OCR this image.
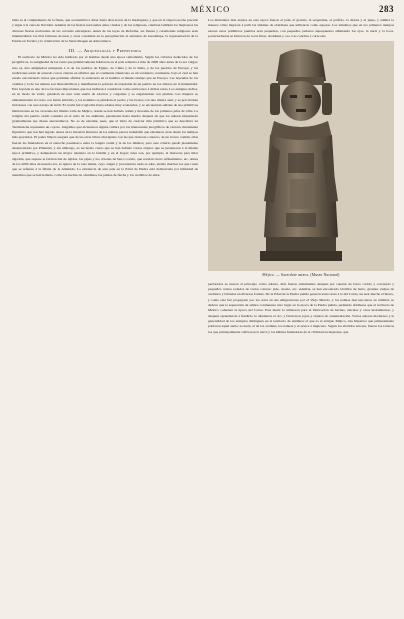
MÉXICO	283

baile es el complemento de la fiesta, que acostumbra á durar hasta altas horas de la madrugada, y que en la víspera noche precede y sigue á la cena de Navidad. Además de las fiestas nacionales antes citadas y de las religiosas, celebran también los mejicanos las diversas fiestas nacionales de las colonias extranjeras. Antes de las leyes de Reforma, las fiestas y ceremonias religiosas eran innumerables; las más famosas de unas y otras consistían en la peregrinación al santuario de Guadalupe, la representación de la Pasión en Tacuba y la celebración de la Santa Imagen en Amecameca.

III. — Arqueología y Prehistoria

El territorio de México ha sido habitado por el hombre desde una época remotísima. Según los cálculos deducidos de los jeroglíficos, la antigüedad de las razas que primitivamente habitaron en el país remonta á más de 2000 años antes de la era vulgar; esto es, una antigüedad semejante á la de los pueblos de Egipto, de China y de la India, y de los pueblos de Europa; y las tradiciones están de acuerdo con la ciencia en afirmar que el continente americano es un verdadero continente, bajo el cual se han estado encontrando restos que permiten afirmar la existencia en el hombre al mismo tiempo que en Europa. Las leyendas de los otomíes y la de los nahuas son monosilábicas y manifiestan la pobreza de expresión de un pueblo en los albores de la humanidad. Esta leyenda es uno de los factores importantes que nos inclinan á considerar como autóctonos á dichas razas. Los antiguos indios, en su modo de vestir, gustaban de usar toda suerte de adornos y colgantes y se engalanaban con plumas. Las mujeres se embadurnaban el rostro con betún amarillo, y los hombres se pintaban el pecho y las brazos con una tintura azul, y se practicaban incisiones con una navaja de itztli. El otomí fué troglodita hasta edades muy avanzadas, y se encuentran señales de sus primitivas habitaciones en las cavernas del mismo valle de Méjico, donde se han hallado armas y moradas de los primeros jefes de tribu. La religión del pueblo otomí consistía en el culto de los animales, persistente hasta mucho después de que los nahuas impusieran gradualmente sus dioses astronómicos. No es de extrañar, pues, que el ídolo de carácter más primitivo que se descubrió en Teotihuacán represente un coyote. Juzgamos que alcanzaron alguna cultura por los interesantes jeroglíficos de carácter meramente figurativo que nos han legado. Antes de la invasión histórica de los nahuas parece indudable que existieron otras desde los tiempos más apartados. El padre Nájera asegura que de las otras tribus aborígenes con las que tuvieron contacto, de un tronco común, ellas fueron las fundadoras en el estrecho parentesco entre la lengua otomí y la de los últimos; pero este criterio quedó plenamente desautorizado por Pimentel, y sin embargo, es un hecho cierto que se han hallado varios objetos que se pertenecen á la misma época primitiva, y demuestran un mayor adelanto en la familia y en el hogar; tales son, por ejemplo, el malacate para hilar algodón, que supone la fabricación de tejidos, las pipas y los crisoles de barro cocido, que revelan cierto refinamiento, etc. Antes de los 2000 años de nuestra era, se ignora de la raza nahua, cuyo origen y procedencia nada se sabe, siendo muchos los que creen que se refieren á la fábula de la Atlántida. La existencia de este país en la Edad de Piedra está demostrada por infinidad de utensilios que se han hallado, como las hachas de obsidiana, las puntas de flecha y los cuchillos de sílex.

Los materiales más usados en esta época fueron el jade, el granito, la serpentina, el pórfido, la diorita y el jaspe, y admira la manera cómo llegaron á pulir las láminas de obsidiana que utilizaron como espejos. Los amuletos que en los primeros tiempos usaron estos primitivos pueblos eran pequeños, con pequeños pedazos superpuestos simulando los ojos, la nariz y la boca, posteriormente se hicieron de rocas finas, obsidiana y oro. Las conchas y caracoles

Méjico. — Sacerdote azteca. (Museo Nacional)

perforados se usaron al principio como adorno, más fueron substituidos después por cuentas de barro cocido y coloreado y pequeños cantos rodados de varios colores: jade, cuarzo, etc. Además, se han encontrado idolillos de barro, grandes vasijas de cerámica y labradas en diversas formas. De la Edad de la Piedra pulida pasaron estas razas á la del Cobre, un usar mucho el hierro, y como este fué propagado por los arios en sus emigraciones por el Viejo Mundo, y los nahuas desconocieron su utilidad, se deduce que la separación de ambos continentes tuvo lugar en la época de la Piedra pulida, pudiendo afirmarse que el territorio de México comenzó la época del Cobre. Este metal lo utilizaron para la fabricación de hachas, cinceles y otros instrumentos, y después aprendieron á fundirlo, le añadieron el oro, y fabricaron joyas y objetos de ornamentación. Varios autores modernos y la generalidad de los antiguos distinguen en el territorio de Anáhuac el que es el antiguo Méjico, tres Imperios que primeramente poblaron aquel suelo; es decir, el de los otomíes, los nahuas y el azteca ó mejicano. Según los abolidos autores, fueron los toltecas los que principalmente cultivaron la tierra y los hábiles fundadores de la civilización mejicana, que
